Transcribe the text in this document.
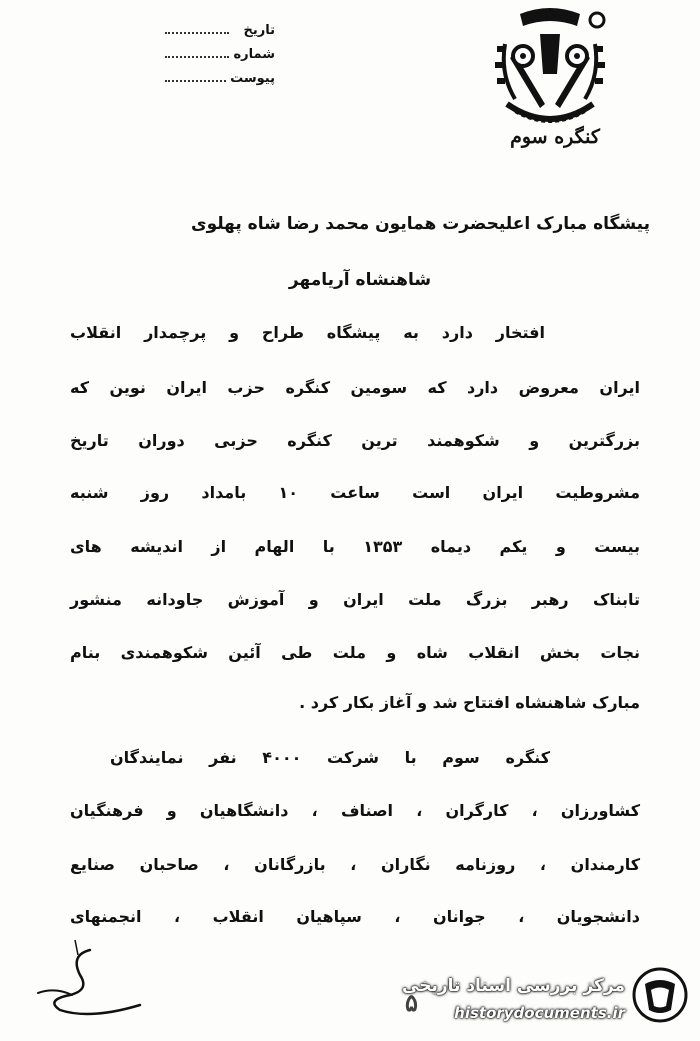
تاریخ
شماره
پیوست
کنگره سوم
پیشگاه مبارک اعلیحضرت همایون محمد رضا شاه پهلوی
شاهنشاه آریامهر
افتخار دارد به پیشگاه طراح و پرچمدار انقلاب
ایران معروض دارد که سومین کنگره حزب ایران نوین که
بزرگترین و شکوهمند ترین کنگره حزبی دوران تاریخ
مشروطیت ایران است ساعت ۱۰ بامداد روز شنبه
بیست و یکم دیماه ۱۳۵۳ با الهام از اندیشه های
تابناک رهبر بزرگ ملت ایران و آموزش جاودانه منشور
نجات بخش انقلاب شاه و ملت طی آئین شکوهمندی بنام
مبارک شاهنشاه افتتاح شد و آغاز بکار کرد .
کنگره سوم با شرکت ۴۰۰۰ نفر نمایندگان
کشاورزان ، کارگران ، اصناف ، دانشگاهیان و فرهنگیان
کارمندان ، روزنامه نگاران ، بازرگانان ، صاحبان صنایع
دانشجویان ، جوانان ، سپاهیان انقلاب ، انجمنهای
۵
مرکز بررسی اسناد تاریخی
historydocuments.ir
